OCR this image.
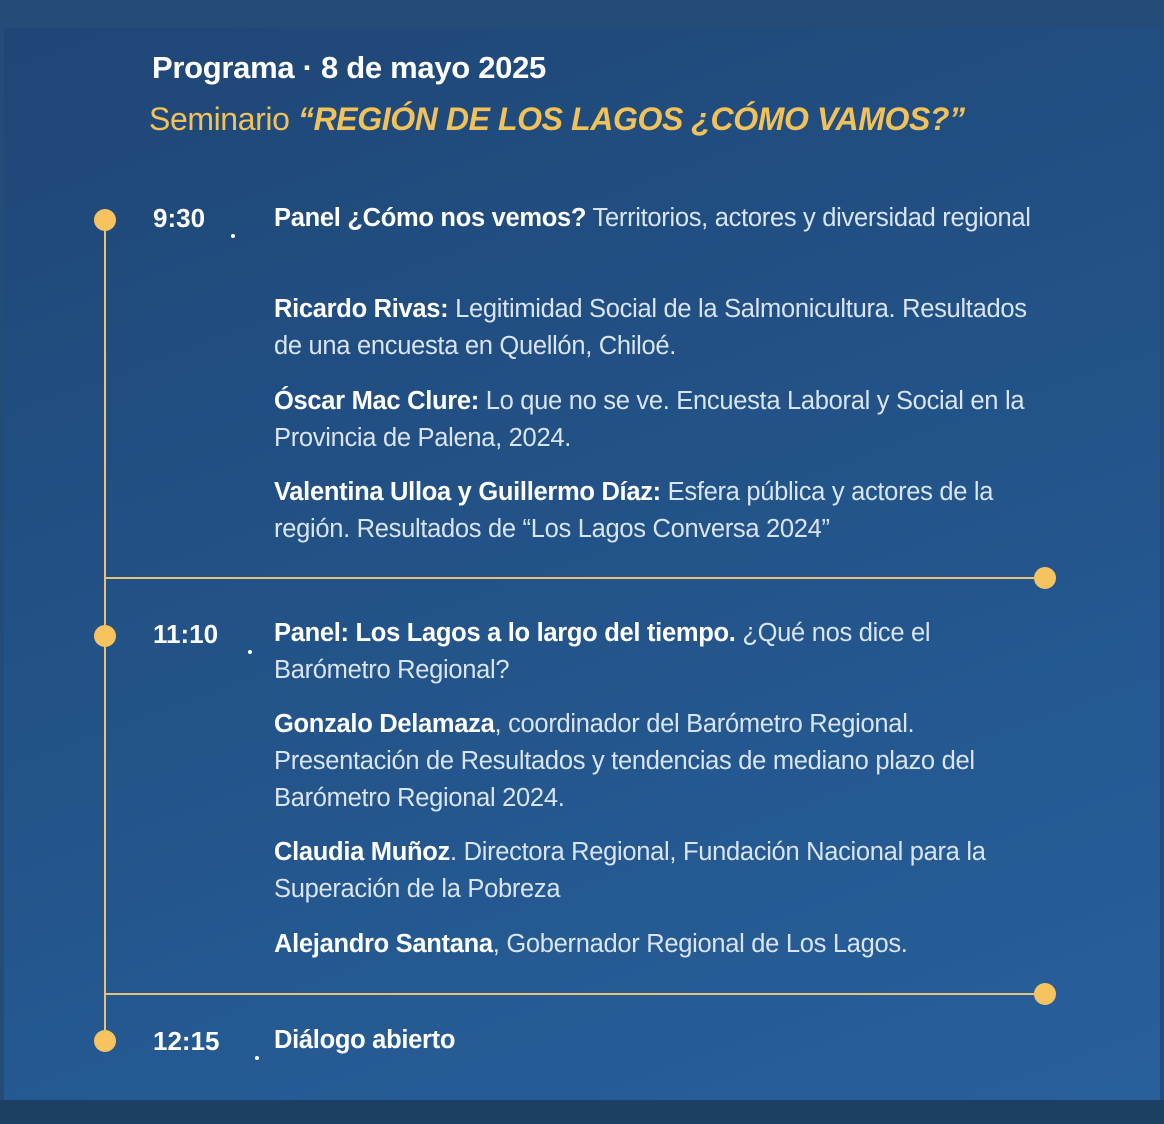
Programa · 8 de mayo 2025
Seminario “REGIÓN DE LOS LAGOS ¿CÓMO VAMOS?”
9:30	Panel ¿Cómo nos vemos? Territorios, actores y diversidad regional
Ricardo Rivas: Legitimidad Social de la Salmonicultura. Resultados de una encuesta en Quellón, Chiloé.
Óscar Mac Clure: Lo que no se ve. Encuesta Laboral y Social en la Provincia de Palena, 2024.
Valentina Ulloa y Guillermo Díaz: Esfera pública y actores de la región. Resultados de “Los Lagos Conversa 2024”
11:10 Panel: Los Lagos a lo largo del tiempo. ¿Qué nos dice el Barómetro Regional?
Gonzalo Delamaza, coordinador del Barómetro Regional. Presentación de Resultados y tendencias de mediano plazo del Barómetro Regional 2024.
Claudia Muñoz. Directora Regional, Fundación Nacional para la Superación de la Pobreza
Alejandro Santana, Gobernador Regional de Los Lagos.
12:15 Diálogo abierto
